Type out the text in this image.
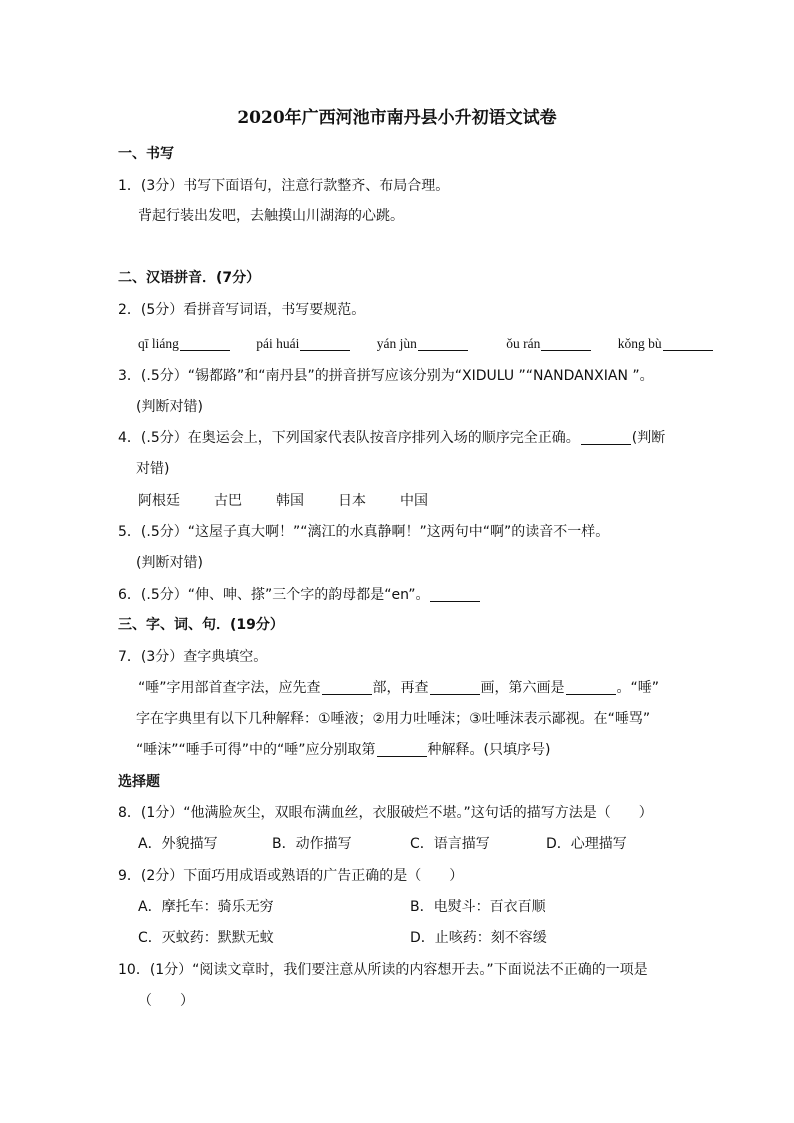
2020年广西河池市南丹县小升初语文试卷
一、书写
1．(3分）书写下面语句，注意行款整齐、布局合理。
背起行装出发吧，去触摸山川湖海的心跳。
二、汉语拼音．(7分）
2．(5分）看拼音写词语，书写要规范。
qī liáng	pái huái	yán jùn	ǒu rán	kǒng bù
3．(.5分）“锡都路”和“南丹县”的拼音拼写应该分别为“XIDULU ”“NANDANXIAN ”。
(判断对错)
4．(.5分）在奥运会上，下列国家代表队按音序排列入场的顺序完全正确。	(判断
对错)
阿根廷 古巴 韩国 日本 中国
5．(.5分）“这屋子真大啊！”“漓江的水真静啊！”这两句中“啊”的读音不一样。
(判断对错)
6．(.5分）“伸、呻、搽”三个字的韵母都是“en”。
三、字、词、句．(19分）
7．(3分）查字典填空。
“唾”字用部首查字法，应先查	部，再查	画，第六画是	。“唾”
字在字典里有以下几种解释：①唾液；②用力吐唾沫；③吐唾沫表示鄙视。在“唾骂”
“唾沫”“唾手可得”中的“唾”应分别取第	种解释。(只填序号)
选择题
8．(1分）“他满脸灰尘，双眼布满血丝，衣服破烂不堪。”这句话的描写方法是（　　）
A．外貌描写	B．动作描写	C．语言描写	D．心理描写
9．(2分）下面巧用成语或熟语的广告正确的是（　　）
A．摩托车：骑乐无穷	B．电熨斗：百衣百顺
C．灭蚊药：默默无蚊	D．止咳药：刻不容缓
10．(1分）“阅读文章时，我们要注意从所读的内容想开去。”下面说法不正确的一项是
（　　）
